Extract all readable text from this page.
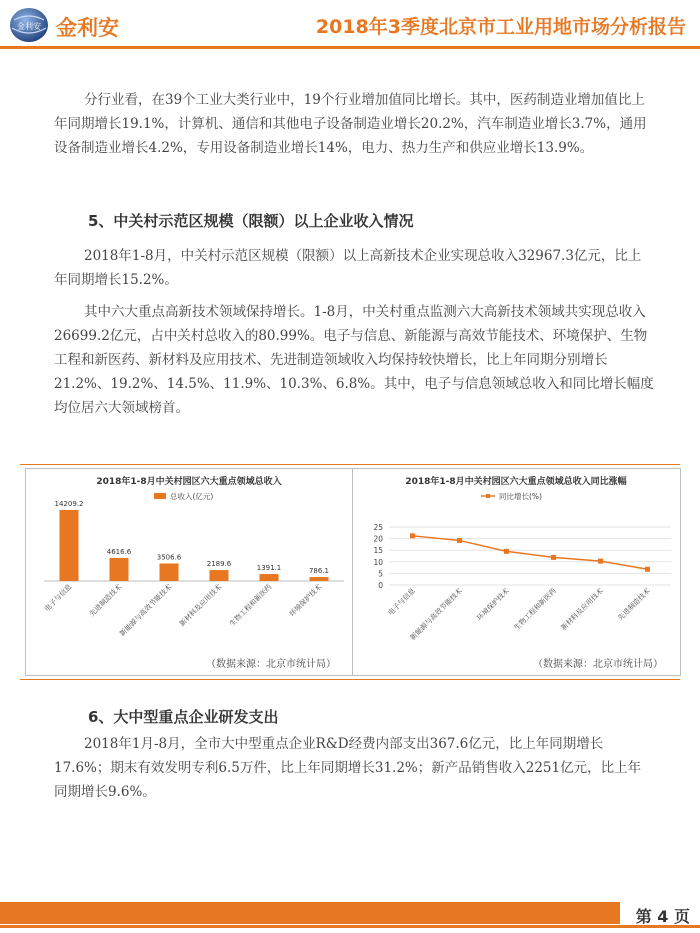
金利安 金利安	2018年3季度北京市工业用地市场分析报告

分行业看，在39个工业大类行业中，19个行业增加值同比增长。其中，医药制造业增加值比上年同期增长19.1%，计算机、通信和其他电子设备制造业增长20.2%，汽车制造业增长3.7%，通用设备制造业增长4.2%，专用设备制造业增长14%，电力、热力生产和供应业增长13.9%。

5、中关村示范区规模（限额）以上企业收入情况

2018年1-8月，中关村示范区规模（限额）以上高新技术企业实现总收入32967.3亿元，比上年同期增长15.2%。

其中六大重点高新技术领域保持增长。1-8月，中关村重点监测六大高新技术领域共实现总收入26699.2亿元，占中关村总收入的80.99%。电子与信息、新能源与高效节能技术、环境保护、生物工程和新医药、新材料及应用技术、先进制造领域收入均保持较快增长，比上年同期分别增长21.2%、19.2%、14.5%、11.9%、10.3%、6.8%。其中，电子与信息领域总收入和同比增长幅度均位居六大领域榜首。

2018年1-8月中关村园区六大重点领域总收入
总收入(亿元)
14209.2
电子与信息
4616.6
先进制造技术
3506.6
新能源与高效节能技术
2189.6
新材料及应用技术
1391.1
生物工程和新医药
786.1
环境保护技术
（数据来源：北京市统计局）
2018年1-8月中关村园区六大重点领域总收入同比涨幅
同比增长(%)
0
5
10
15
20
25
电子与信息
新能源与高效节能技术 环境保护技术 生物工程和新医药 新材料及应用技术 先进制造技术
（数据来源：北京市统计局）
6、大中型重点企业研发支出

2018年1月-8月，全市大中型重点企业R&D经费内部支出367.6亿元，比上年同期增长17.6%；期末有效发明专利6.5万件，比上年同期增长31.2%；新产品销售收入2251亿元，比上年同期增长9.6%。

第 4 页
